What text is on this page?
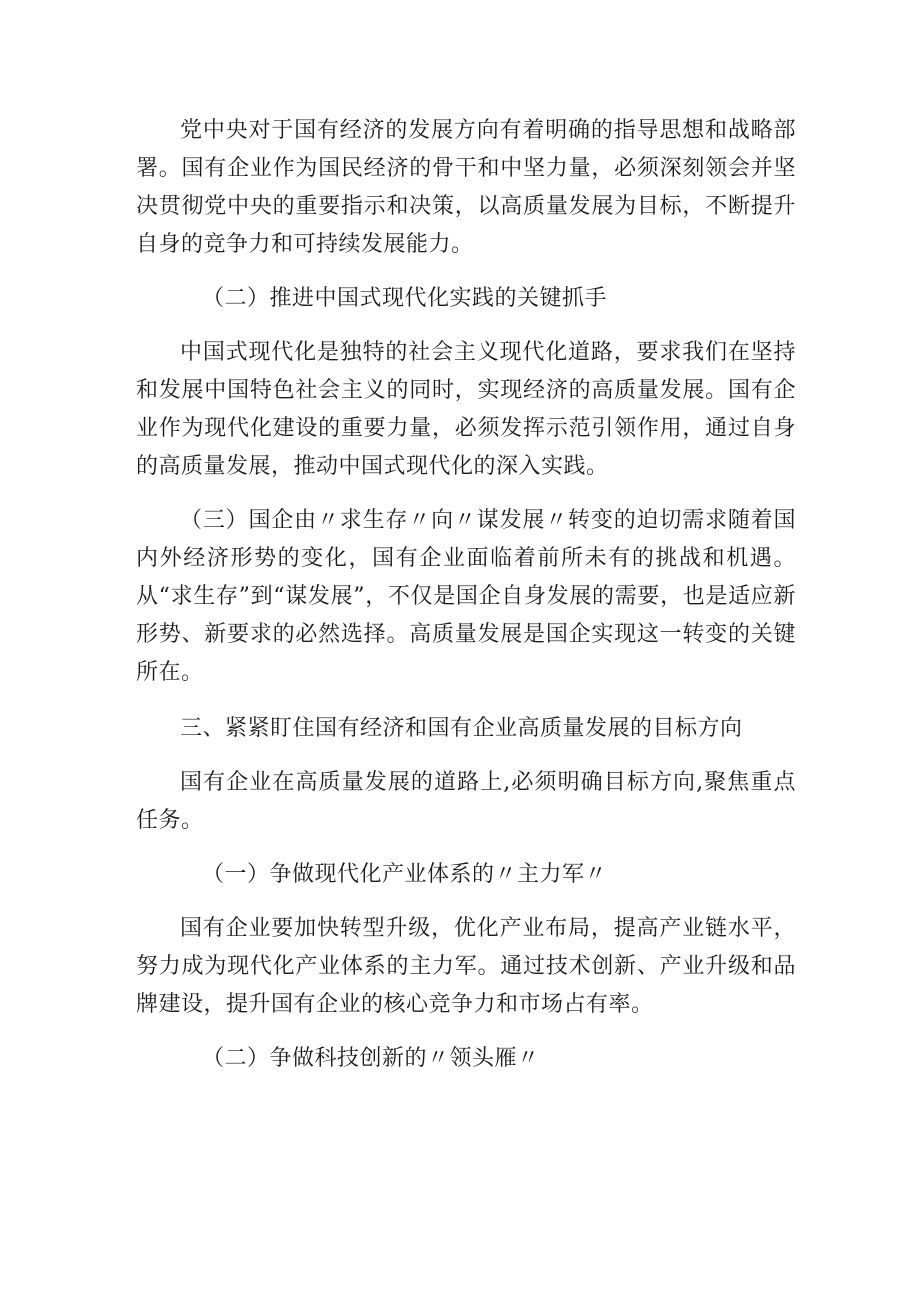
党中央对于国有经济的发展方向有着明确的指导思想和战略部署。国有企业作为国民经济的骨干和中坚力量，必须深刻领会并坚决贯彻党中央的重要指示和决策，以高质量发展为目标，不断提升自身的竞争力和可持续发展能力。

（二）推进中国式现代化实践的关键抓手

中国式现代化是独特的社会主义现代化道路，要求我们在坚持和发展中国特色社会主义的同时，实现经济的高质量发展。国有企业作为现代化建设的重要力量，必须发挥示范引领作用，通过自身的高质量发展，推动中国式现代化的深入实践。

（三）国企由〃求生存〃向〃谋发展〃转变的迫切需求随着国内外经济形势的变化，国有企业面临着前所未有的挑战和机遇。从“求生存”到“谋发展”，不仅是国企自身发展的需要，也是适应新形势、新要求的必然选择。高质量发展是国企实现这一转变的关键所在。

三、紧紧盯住国有经济和国有企业高质量发展的目标方向

国有企业在高质量发展的道路上,必须明确目标方向,聚焦重点任务。

（一）争做现代化产业体系的〃主力军〃

国有企业要加快转型升级，优化产业布局，提高产业链水平，努力成为现代化产业体系的主力军。通过技术创新、产业升级和品牌建设，提升国有企业的核心竞争力和市场占有率。

（二）争做科技创新的〃领头雁〃
